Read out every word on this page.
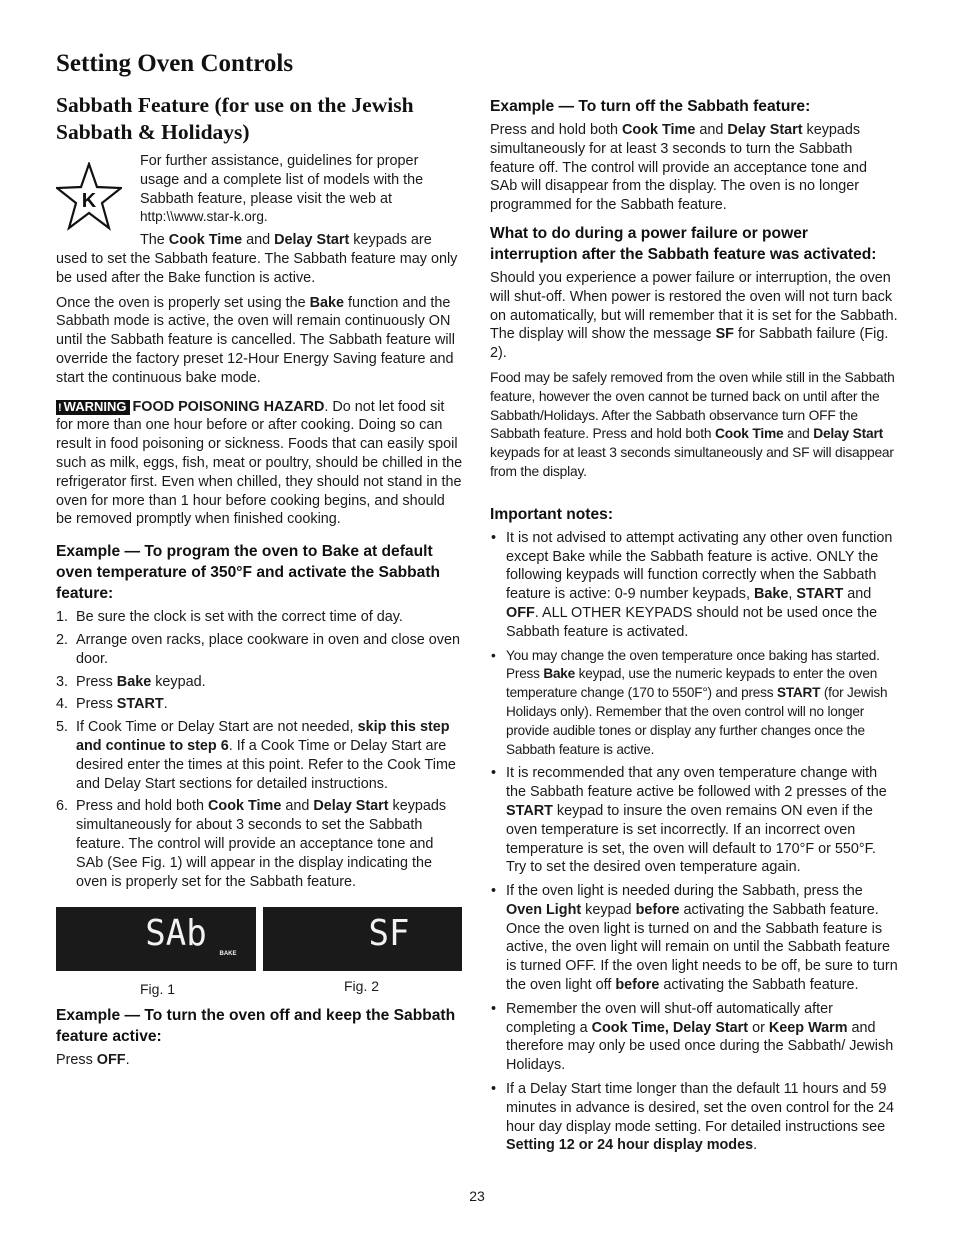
Setting Oven Controls
Sabbath Feature (for use on the Jewish Sabbath & Holidays)
K

For further assistance, guidelines for proper
usage and a complete list of models with the
Sabbath feature, please visit the web at
http:\\www.star-k.org.

The Cook Time and Delay Start keypads are used to set the Sabbath feature. The Sabbath feature may only be used after the Bake function is active.

Once the oven is properly set using the Bake function and the Sabbath mode is active, the oven will remain continuously ON until the Sabbath feature is cancelled. The Sabbath feature will override the factory preset 12-Hour Energy Saving feature and start the continuous bake mode.

! WARNING FOOD POISONING HAZARD. Do not let food sit for more than one hour before or after cooking. Doing so can result in food poisoning or sickness. Foods that can easily spoil such as milk, eggs, fish, meat or poultry, should be chilled in the refrigerator first. Even when chilled, they should not stand in the oven for more than 1 hour before cooking begins, and should be removed promptly when finished cooking.

Example — To program the oven to Bake at default oven temperature of 350°F and activate the Sabbath feature:
1. Be sure the clock is set with the correct time of day.
2. Arrange oven racks, place cookware in oven and close oven door.
3. Press Bake keypad.
4. Press START.
5. If Cook Time or Delay Start are not needed, skip this step and continue to step 6. If a Cook Time or Delay Start are desired enter the times at this point. Refer to the Cook Time and Delay Start sections for detailed instructions.
6. Press and hold both Cook Time and Delay Start keypads simultaneously for about 3 seconds to set the Sabbath feature. The control will provide an acceptance tone and SAb (See Fig. 1) will appear in the display indicating the oven is properly set for the Sabbath feature.
SAb BAKE	SF
Fig. 1	Fig. 2
Example — To turn the oven off and keep the Sabbath feature active:

Press OFF.

Example — To turn off the Sabbath feature:

Press and hold both Cook Time and Delay Start keypads simultaneously for at least 3 seconds to turn the Sabbath feature off. The control will provide an acceptance tone and SAb will disappear from the display. The oven is no longer programmed for the Sabbath feature.

What to do during a power failure or power interruption after the Sabbath feature was activated:

Should you experience a power failure or interruption, the oven will shut-off. When power is restored the oven will not turn back on automatically, but will remember that it is set for the Sabbath. The display will show the message SF for Sabbath failure (Fig. 2).

Food may be safely removed from the oven while still in the Sabbath feature, however the oven cannot be turned back on until after the Sabbath/Holidays. After the Sabbath observance turn OFF the Sabbath feature. Press and hold both Cook Time and Delay Start keypads for at least 3 seconds simultaneously and SF will disappear from the display.

Important notes:
• It is not advised to attempt activating any other oven function except Bake while the Sabbath feature is active. ONLY the following keypads will function correctly when the Sabbath feature is active: 0-9 number keypads, Bake, START and OFF. ALL OTHER KEYPADS should not be used once the Sabbath feature is activated.
• You may change the oven temperature once baking has started. Press Bake keypad, use the numeric keypads to enter the oven temperature change (170 to 550F°) and press START (for Jewish Holidays only). Remember that the oven control will no longer provide audible tones or display any further changes once the Sabbath feature is active.
• It is recommended that any oven temperature change with the Sabbath feature active be followed with 2 presses of the START keypad to insure the oven remains ON even if the oven temperature is set incorrectly. If an incorrect oven temperature is set, the oven will default to 170°F or 550°F. Try to set the desired oven temperature again.
• If the oven light is needed during the Sabbath, press the Oven Light keypad before activating the Sabbath feature. Once the oven light is turned on and the Sabbath feature is active, the oven light will remain on until the Sabbath feature is turned OFF. If the oven light needs to be off, be sure to turn the oven light off before activating the Sabbath feature.
• Remember the oven will shut-off automatically after completing a Cook Time, Delay Start or Keep Warm and therefore may only be used once during the Sabbath/ Jewish Holidays.
• If a Delay Start time longer than the default 11 hours and 59 minutes in advance is desired, set the oven control for the 24 hour day display mode setting. For detailed instructions see Setting 12 or 24 hour display modes.
23
